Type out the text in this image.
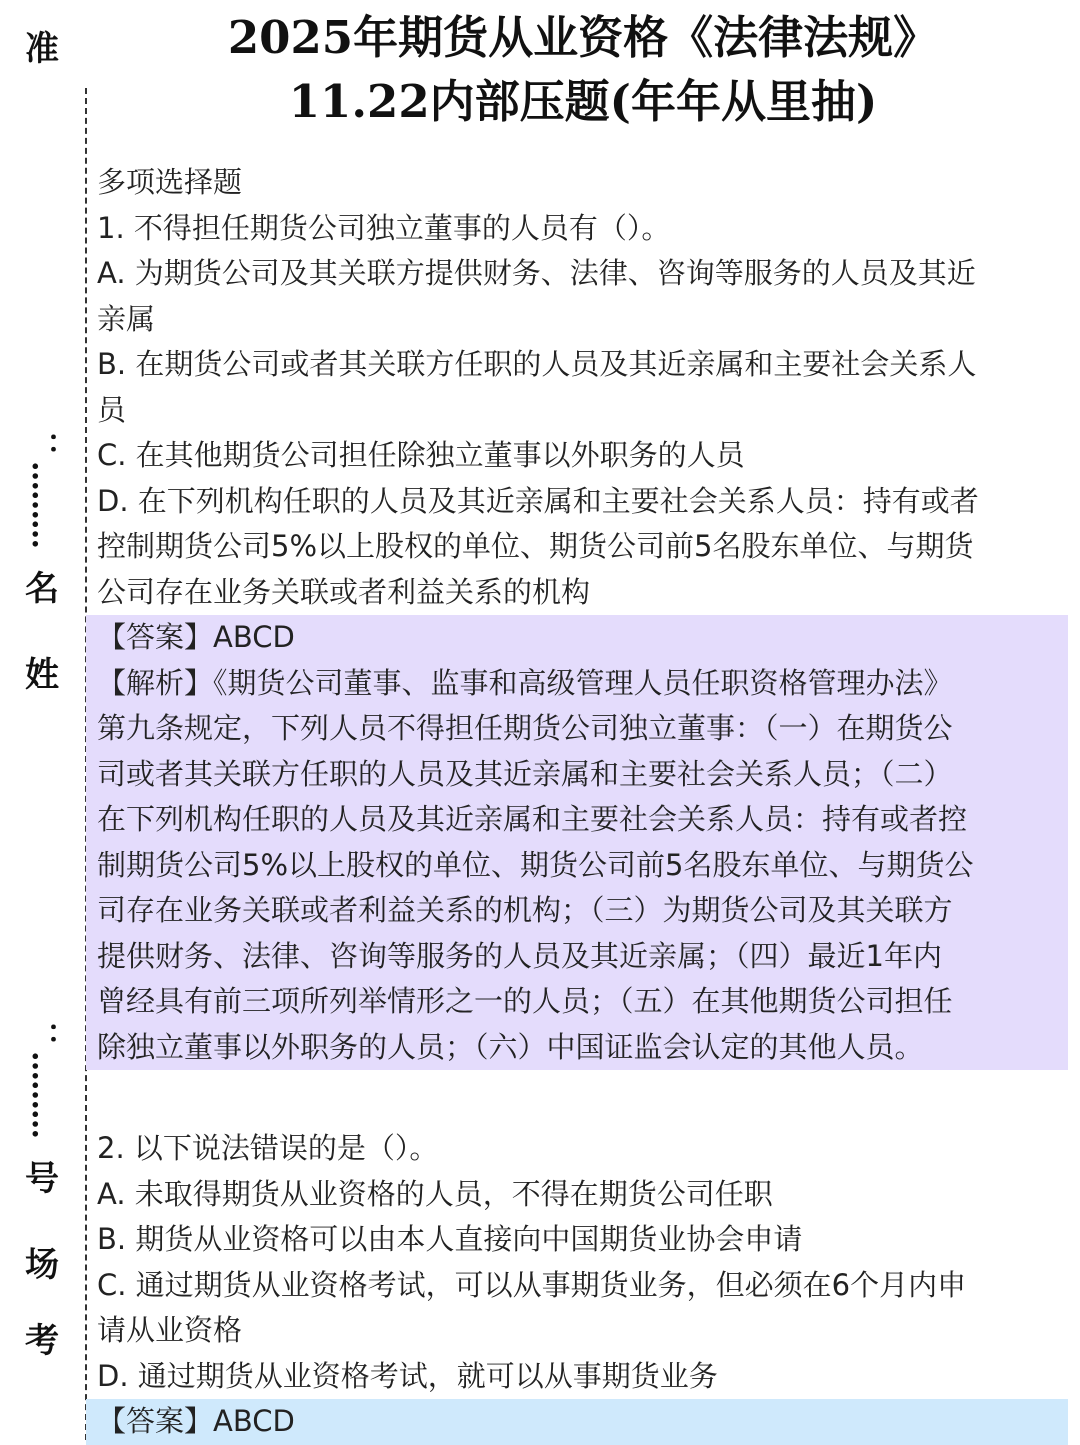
准
：………
名
姓
：………
号
场
考
2025年期货从业资格《法律法规》
11.22内部压题(年年从里抽)

多项选择题

1. 不得担任期货公司独立董事的人员有（）。

A. 为期货公司及其关联方提供财务、法律、咨询等服务的人员及其近

亲属

B. 在期货公司或者其关联方任职的人员及其近亲属和主要社会关系人

员

C. 在其他期货公司担任除独立董事以外职务的人员

D. 在下列机构任职的人员及其近亲属和主要社会关系人员：持有或者

控制期货公司5%以上股权的单位、期货公司前5名股东单位、与期货

公司存在业务关联或者利益关系的机构

【答案】ABCD

【解析】《期货公司董事、监事和高级管理人员任职资格管理办法》

第九条规定，下列人员不得担任期货公司独立董事：（一）在期货公

司或者其关联方任职的人员及其近亲属和主要社会关系人员；（二）

在下列机构任职的人员及其近亲属和主要社会关系人员：持有或者控

制期货公司5%以上股权的单位、期货公司前5名股东单位、与期货公

司存在业务关联或者利益关系的机构；（三）为期货公司及其关联方

提供财务、法律、咨询等服务的人员及其近亲属；（四）最近1年内

曾经具有前三项所列举情形之一的人员；（五）在其他期货公司担任

除独立董事以外职务的人员；（六）中国证监会认定的其他人员。

2. 以下说法错误的是（）。

A. 未取得期货从业资格的人员，不得在期货公司任职

B. 期货从业资格可以由本人直接向中国期货业协会申请

C. 通过期货从业资格考试，可以从事期货业务，但必须在6个月内申

请从业资格

D. 通过期货从业资格考试，就可以从事期货业务

【答案】ABCD
